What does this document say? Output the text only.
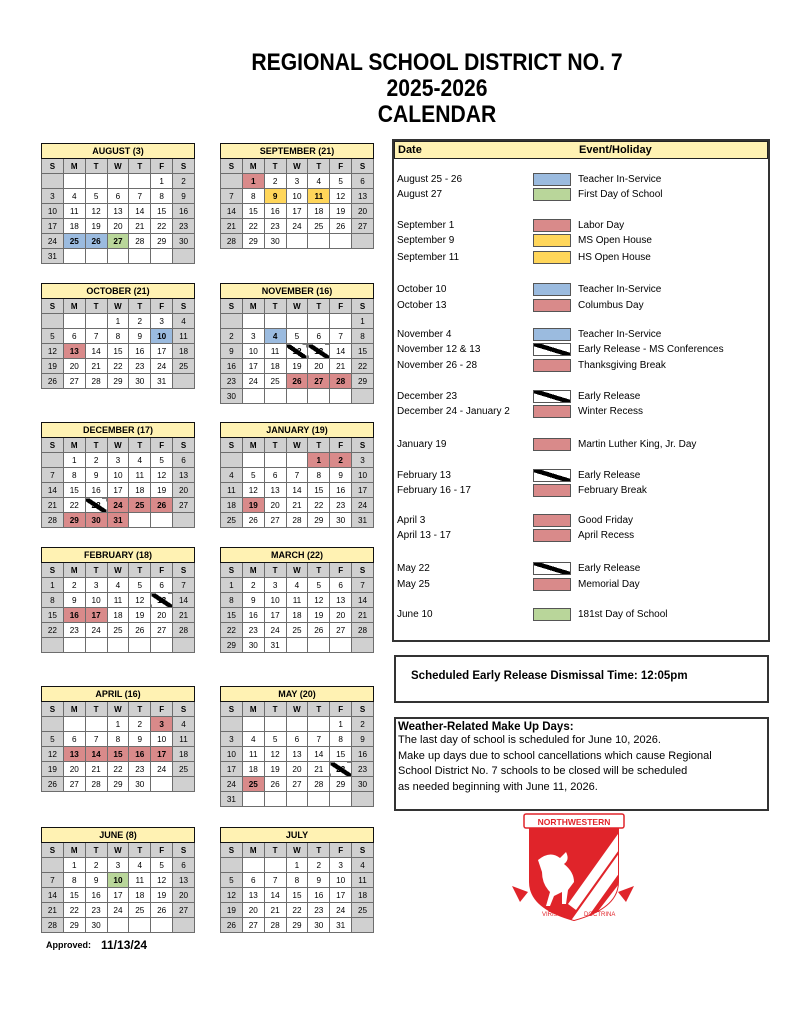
REGIONAL SCHOOL DISTRICT NO. 7
2025-2026
CALENDAR
AUGUST (3)						
S	M	T	W	T	F	S
					1	2
3	4	5	6	7	8	9
10	11	12	13	14	15	16
17	18	19	20	21	22	23
24	25	26	27	28	29	30
31						
SEPTEMBER (21)						
S	M	T	W	T	F	S
	1	2	3	4	5	6
7	8	9	10	11	12	13
14	15	16	17	18	19	20
21	22	23	24	25	26	27
28	29	30				
OCTOBER (21)						
S	M	T	W	T	F	S
			1	2	3	4
5	6	7	8	9	10	11
12	13	14	15	16	17	18
19	20	21	22	23	24	25
26	27	28	29	30	31	
NOVEMBER (16)						
S	M	T	W	T	F	S
						1
2	3	4	5	6	7	8
9	10	11	12	13	14	15
16	17	18	19	20	21	22
23	24	25	26	27	28	29
30						
DECEMBER (17)						
S	M	T	W	T	F	S
	1	2	3	4	5	6
7	8	9	10	11	12	13
14	15	16	17	18	19	20
21	22	23	24	25	26	27
28	29	30	31			
JANUARY (19)						
S	M	T	W	T	F	S
				1	2	3
4	5	6	7	8	9	10
11	12	13	14	15	16	17
18	19	20	21	22	23	24
25	26	27	28	29	30	31
FEBRUARY (18)						
S	M	T	W	T	F	S
1	2	3	4	5	6	7
8	9	10	11	12	13	14
15	16	17	18	19	20	21
22	23	24	25	26	27	28

MARCH (22)						
S	M	T	W	T	F	S
1	2	3	4	5	6	7
8	9	10	11	12	13	14
15	16	17	18	19	20	21
22	23	24	25	26	27	28
29	30	31				
APRIL (16)						
S	M	T	W	T	F	S
			1	2	3	4
5	6	7	8	9	10	11
12	13	14	15	16	17	18
19	20	21	22	23	24	25
26	27	28	29	30		
MAY (20)						
S	M	T	W	T	F	S
					1	2
3	4	5	6	7	8	9
10	11	12	13	14	15	16
17	18	19	20	21	22	23
24	25	26	27	28	29	30
31						
JUNE (8)						
S	M	T	W	T	F	S
	1	2	3	4	5	6
7	8	9	10	11	12	13
14	15	16	17	18	19	20
21	22	23	24	25	26	27
28	29	30				
JULY						
S	M	T	W	T	F	S
			1	2	3	4
5	6	7	8	9	10	11
12	13	14	15	16	17	18
19	20	21	22	23	24	25
26	27	28	29	30	31	
Date	Event/Holiday
August 25 - 26	Teacher In-Service
August 27	First Day of School
September 1	Labor Day
September 9	MS Open House
September 11	HS Open House
October 10	Teacher In-Service
October 13	Columbus Day
November 4	Teacher In-Service
November 12 & 13	Early Release - MS Conferences
November 26 - 28	Thanksgiving Break
December 23	Early Release
December 24 - January 2	Winter Recess
January 19	Martin Luther King, Jr. Day
February 13	Early Release
February 16 - 17	February Break
April 3	Good Friday
April 13 - 17	April Recess
May 22	Early Release
May 25	Memorial Day
June 10	181st Day of School
Scheduled Early Release Dismissal Time: 12:05pm
Weather-Related Make Up Days:
The last day of school is scheduled for June 10, 2026.
Make up days due to school cancellations which cause Regional
School District No. 7 schools to be closed will be scheduled
as needed beginning with June 11, 2026.
NORTHWESTERN
VIRIS IN	DOCTRINA
Approved: 11/13/24
